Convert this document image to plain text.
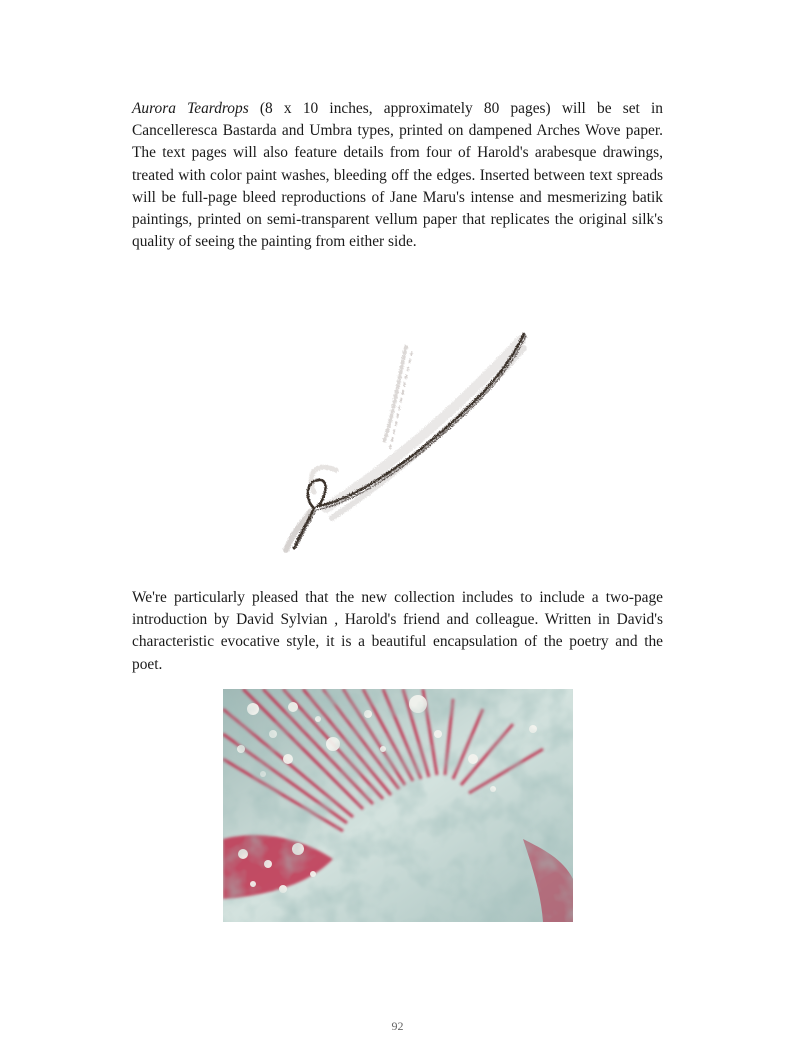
Aurora Teardrops (8 x 10 inches, approximately 80 pages) will be set in Cancelleresca Bastarda and Umbra types, printed on dampened Arches Wove paper. The text pages will also feature details from four of Harold's arabesque drawings, treated with color paint washes, bleeding off the edges. Inserted between text spreads will be full-page bleed reproductions of Jane Maru's intense and mesmerizing batik paintings, printed on semi-transparent vellum paper that replicates the original silk's quality of seeing the painting from either side.

We're particularly pleased that the new collection includes to include a two-page introduction by David Sylvian , Harold's friend and colleague. Written in David's characteristic evocative style, it is a beautiful encapsulation of the poetry and the poet.

92
